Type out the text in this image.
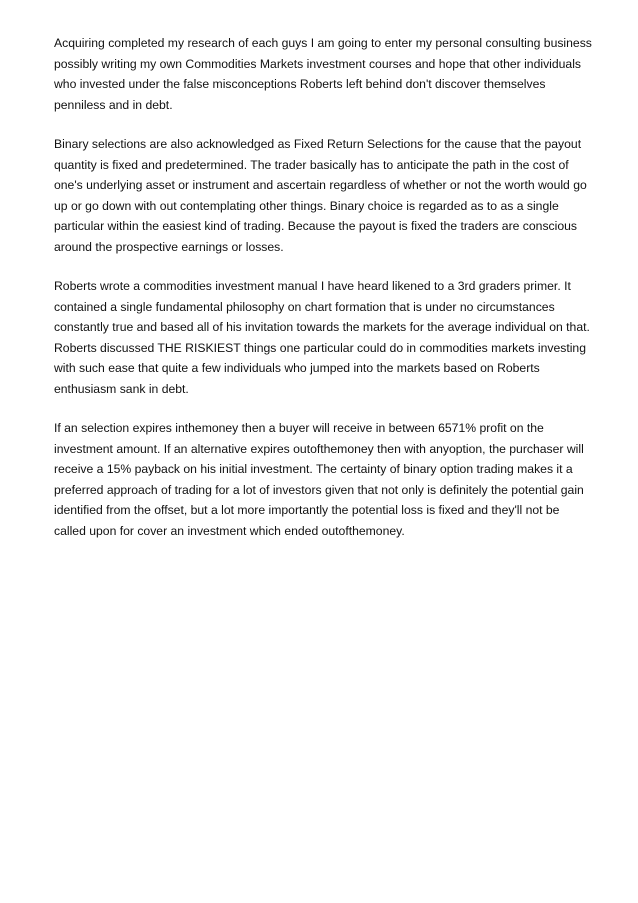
Acquiring completed my research of each guys I am going to enter my personal consulting business possibly writing my own Commodities Markets investment courses and hope that other individuals who invested under the false misconceptions Roberts left behind don't discover themselves penniless and in debt.

Binary selections are also acknowledged as Fixed Return Selections for the cause that the payout quantity is fixed and predetermined. The trader basically has to anticipate the path in the cost of one's underlying asset or instrument and ascertain regardless of whether or not the worth would go up or go down with out contemplating other things. Binary choice is regarded as to as a single particular within the easiest kind of trading. Because the payout is fixed the traders are conscious around the prospective earnings or losses.

Roberts wrote a commodities investment manual I have heard likened to a 3rd graders primer. It contained a single fundamental philosophy on chart formation that is under no circumstances constantly true and based all of his invitation towards the markets for the average individual on that. Roberts discussed THE RISKIEST things one particular could do in commodities markets investing with such ease that quite a few individuals who jumped into the markets based on Roberts enthusiasm sank in debt.

If an selection expires inthemoney then a buyer will receive in between 6571% profit on the investment amount. If an alternative expires outofthemoney then with anyoption, the purchaser will receive a 15% payback on his initial investment. The certainty of binary option trading makes it a preferred approach of trading for a lot of investors given that not only is definitely the potential gain identified from the offset, but a lot more importantly the potential loss is fixed and they'll not be called upon for cover an investment which ended outofthemoney.
